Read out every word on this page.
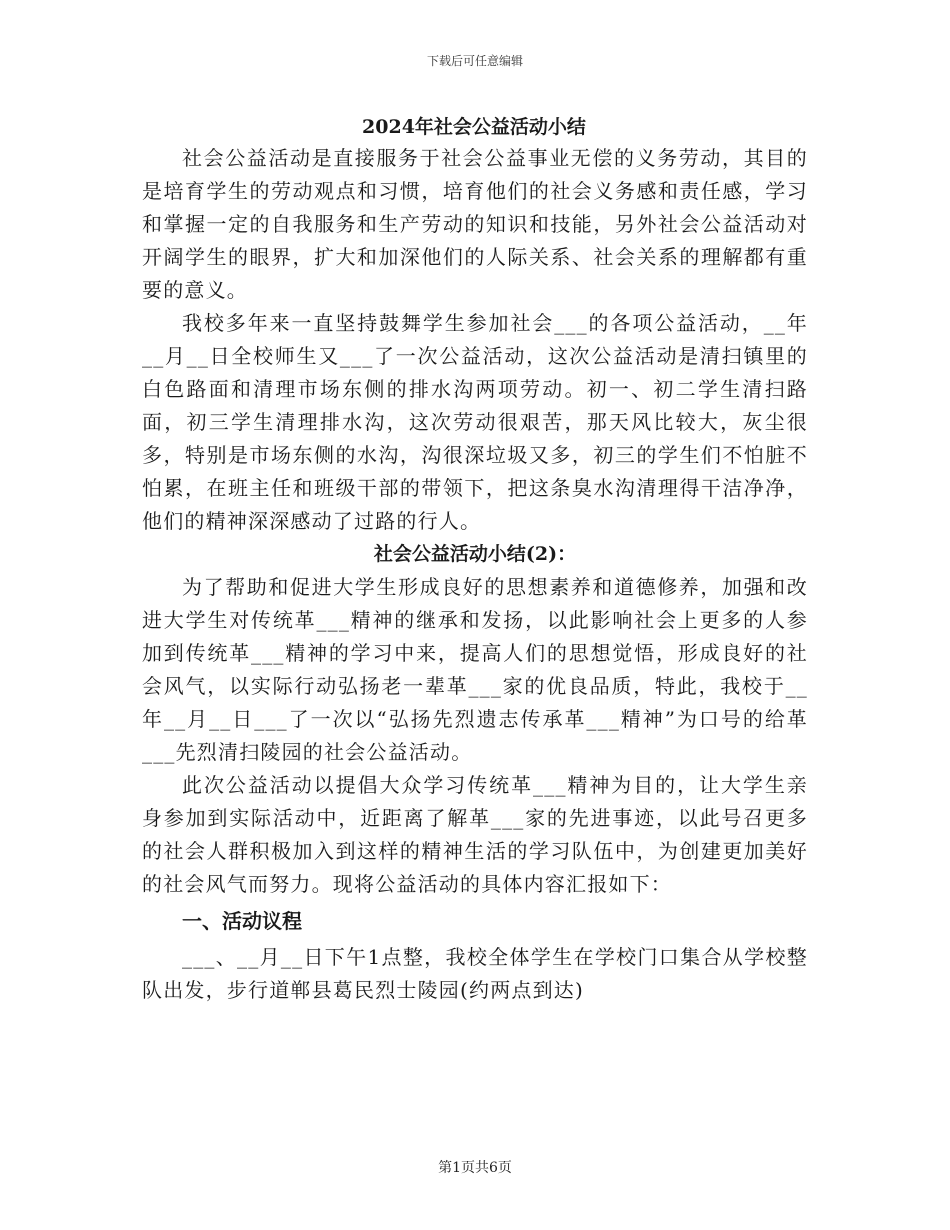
下载后可任意编辑
2024年社会公益活动小结

社会公益活动是直接服务于社会公益事业无偿的义务劳动，其目的是培育学生的劳动观点和习惯，培育他们的社会义务感和责任感，学习和掌握一定的自我服务和生产劳动的知识和技能，另外社会公益活动对开阔学生的眼界，扩大和加深他们的人际关系、社会关系的理解都有重要的意义。

我校多年来一直坚持鼓舞学生参加社会___的各项公益活动，__年__月__日全校师生又___了一次公益活动，这次公益活动是清扫镇里的白色路面和清理市场东侧的排水沟两项劳动。初一、初二学生清扫路面，初三学生清理排水沟，这次劳动很艰苦，那天风比较大，灰尘很多，特别是市场东侧的水沟，沟很深垃圾又多，初三的学生们不怕脏不怕累，在班主任和班级干部的带领下，把这条臭水沟清理得干洁净净，他们的精神深深感动了过路的行人。

社会公益活动小结(2)：

为了帮助和促进大学生形成良好的思想素养和道德修养，加强和改进大学生对传统革___精神的继承和发扬，以此影响社会上更多的人参加到传统革___精神的学习中来，提高人们的思想觉悟，形成良好的社会风气，以实际行动弘扬老一辈革___家的优良品质，特此，我校于__年__月__日___了一次以“弘扬先烈遗志传承革___精神”为口号的给革___先烈清扫陵园的社会公益活动。

此次公益活动以提倡大众学习传统革___精神为目的，让大学生亲身参加到实际活动中，近距离了解革___家的先进事迹，以此号召更多的社会人群积极加入到这样的精神生活的学习队伍中，为创建更加美好的社会风气而努力。现将公益活动的具体内容汇报如下：

一、活动议程

___、__月__日下午1点整，我校全体学生在学校门口集合从学校整队出发，步行道郸县葛民烈士陵园(约两点到达)

第1页共6页
